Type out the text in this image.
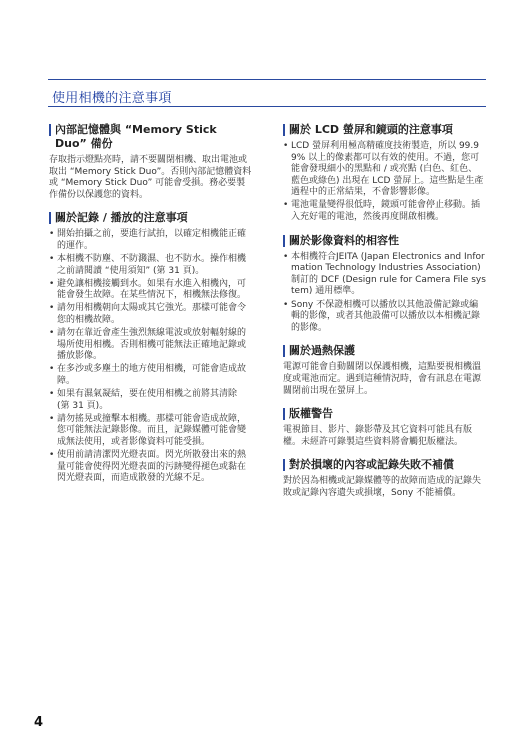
使用相機的注意事項
內部記憶體與 “Memory Stick Duo” 備份

存取指示燈點亮時，請不要關閉相機、取出電池或取出 “Memory Stick Duo”。否則內部記憶體資料或 “Memory Stick Duo” 可能會受損。務必要製作備份以保護您的資料。

關於記錄 / 播放的注意事項
• 開始拍攝之前，要進行試拍，以確定相機能正確的運作。
• 本相機不防塵、不防濺濕、也不防水。操作相機之前請閱讀 “使用須知” (第 31 頁)。
• 避免讓相機接觸到水。如果有水進入相機內，可能會發生故障。在某些情況下，相機無法修復。
• 請勿用相機朝向太陽或其它強光。那樣可能會令您的相機故障。
• 請勿在靠近會產生強烈無線電波或放射輻射線的場所使用相機。否則相機可能無法正確地記錄或播放影像。
• 在多沙或多塵土的地方使用相機，可能會造成故障。
• 如果有濕氣凝結，要在使用相機之前將其清除 (第 31 頁)。
• 請勿搖晃或撞擊本相機。那樣可能會造成故障，您可能無法記錄影像。而且，記錄媒體可能會變成無法使用，或者影像資料可能受損。
• 使用前請清潔閃光燈表面。閃光所散發出來的熱量可能會使得閃光燈表面的污跡變得褪色或黏在閃光燈表面，而造成散發的光線不足。
關於 LCD 螢屏和鏡頭的注意事項
• LCD 螢屏利用極高精確度技術製造，所以 99.99% 以上的像素都可以有效的使用。不過，您可能會發現細小的黑點和 / 或亮點 (白色、紅色、藍色或綠色) 出現在 LCD 螢屏上。這些點是生產過程中的正常結果，不會影響影像。
• 電池電量變得很低時，鏡頭可能會停止移動。插入充好電的電池，然後再度開啟相機。
關於影像資料的相容性
• 本相機符合JEITA (Japan Electronics and Information Technology Industries Association) 制訂的 DCF (Design rule for Camera File system) 通用標準。
• Sony 不保證相機可以播放以其他設備記錄或編輯的影像，或者其他設備可以播放以本相機記錄的影像。
關於過熱保護

電源可能會自動關閉以保護相機，這點要視相機溫度或電池而定。遇到這種情況時，會有訊息在電源關閉前出現在螢屏上。

版權警告

電視節目、影片、錄影帶及其它資料可能具有版權。未經許可錄製這些資料將會觸犯版權法。

對於損壞的內容或記錄失敗不補償

對於因為相機或記錄媒體等的故障而造成的記錄失敗或記錄內容遺失或損壞，Sony 不能補償。

4
